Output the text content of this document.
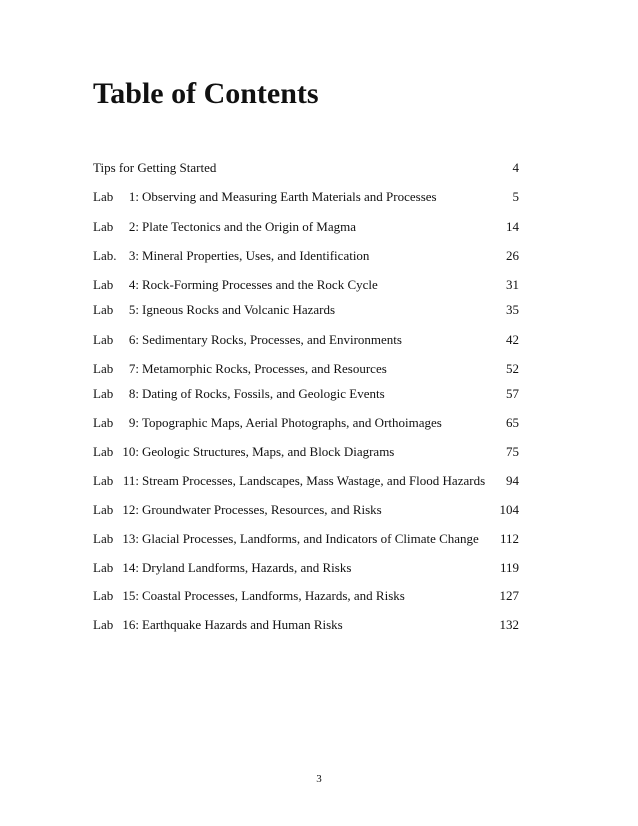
Table of Contents
Tips for Getting Started	4
Lab	1: Observing and Measuring Earth Materials and Processes	5
Lab	2: Plate Tectonics and the Origin of Magma	14
Lab. 3: Mineral Properties, Uses, and Identification	26
Lab	4: Rock-Forming Processes and the Rock Cycle	31
Lab	5: Igneous Rocks and Volcanic Hazards	35
Lab	6: Sedimentary Rocks, Processes, and Environments	42
Lab	7: Metamorphic Rocks, Processes, and Resources	52
Lab	8: Dating of Rocks, Fossils, and Geologic Events	57
Lab	9: Topographic Maps, Aerial Photographs, and Orthoimages	65
Lab 10: Geologic Structures, Maps, and Block Diagrams	75
Lab 11: Stream Processes, Landscapes, Mass Wastage, and Flood Hazards 94
Lab 12: Groundwater Processes, Resources, and Risks	104
Lab 13: Glacial Processes, Landforms, and Indicators of Climate Change 112
Lab 14: Dryland Landforms, Hazards, and Risks	119
Lab 15: Coastal Processes, Landforms, Hazards, and Risks	127
Lab 16: Earthquake Hazards and Human Risks	132
3
